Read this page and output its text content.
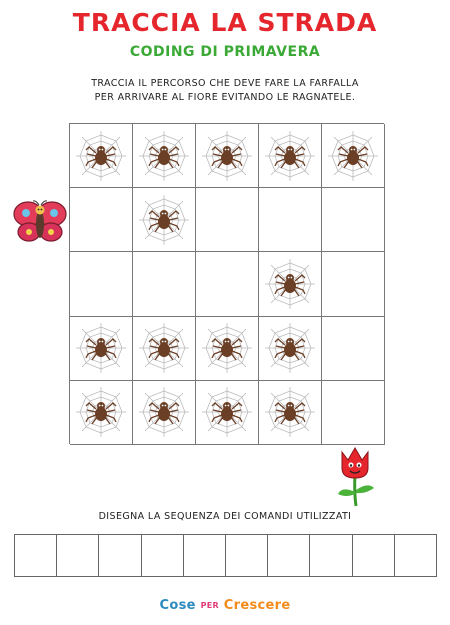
TRACCIA LA STRADA
CODING DI PRIMAVERA
TRACCIA IL PERCORSO CHE DEVE FARE LA FARFALLA
PER ARRIVARE AL FIORE EVITANDO LE RAGNATELE.
DISEGNA LA SEQUENZA DEI COMANDI UTILIZZATI
Cose PER Crescere
